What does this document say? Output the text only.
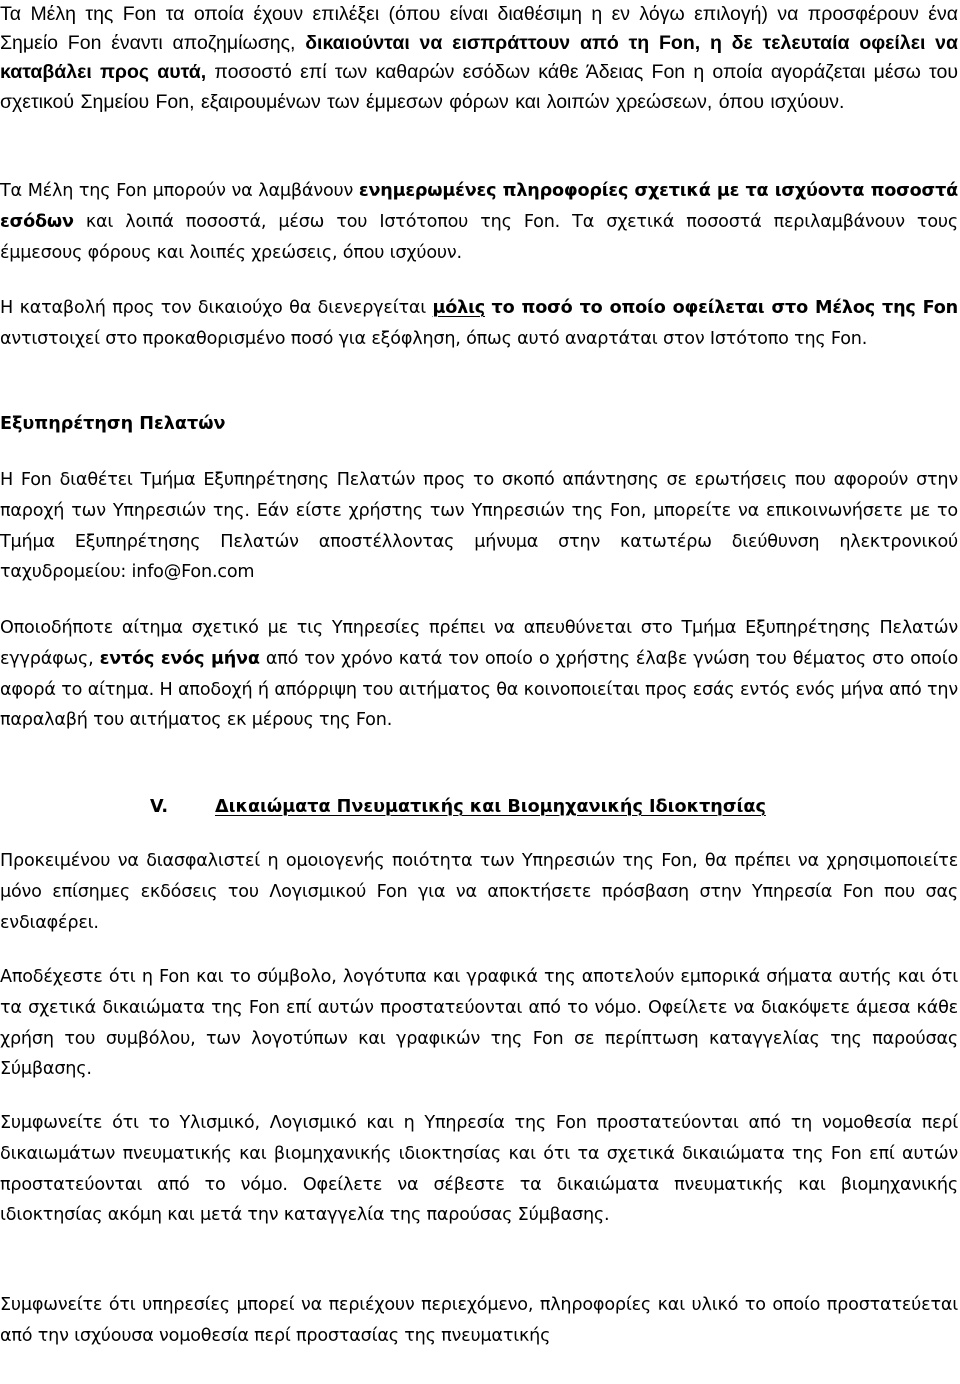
Τα Μέλη της Fon τα οποία έχουν επιλέξει (όπου είναι διαθέσιμη η εν λόγω επιλογή) να προσφέρουν ένα Σημείο Fon έναντι αποζημίωσης, δικαιούνται να εισπράττουν από τη Fon, η δε τελευταία οφείλει να καταβάλει προς αυτά, ποσοστό επί των καθαρών εσόδων κάθε Άδειας Fon η οποία αγοράζεται μέσω του σχετικού Σημείου Fon, εξαιρουμένων των έμμεσων φόρων και λοιπών χρεώσεων, όπου ισχύουν.

Τα Μέλη της Fon μπορούν να λαμβάνουν ενημερωμένες πληροφορίες σχετικά με τα ισχύοντα ποσοστά εσόδων και λοιπά ποσοστά, μέσω του Ιστότοπου της Fon. Τα σχετικά ποσοστά περιλαμβάνουν τους έμμεσους φόρους και λοιπές χρεώσεις, όπου ισχύουν.

Η καταβολή προς τον δικαιούχο θα διενεργείται μόλις το ποσό το οποίο οφείλεται στο Μέλος της Fon αντιστοιχεί στο προκαθορισμένο ποσό για εξόφληση, όπως αυτό αναρτάται στον Ιστότοπο της Fon.

Εξυπηρέτηση Πελατών

Η Fon διαθέτει Τμήμα Εξυπηρέτησης Πελατών προς το σκοπό απάντησης σε ερωτήσεις που αφορούν στην παροχή των Υπηρεσιών της. Εάν είστε χρήστης των Υπηρεσιών της Fon, μπορείτε να επικοινωνήσετε με το Τμήμα Εξυπηρέτησης Πελατών αποστέλλοντας μήνυμα στην κατωτέρω διεύθυνση ηλεκτρονικού ταχυδρομείου: info@Fon.com

Οποιοδήποτε αίτημα σχετικό με τις Υπηρεσίες πρέπει να απευθύνεται στο Τμήμα Εξυπηρέτησης Πελατών εγγράφως, εντός ενός μήνα από τον χρόνο κατά τον οποίο ο χρήστης έλαβε γνώση του θέματος στο οποίο αφορά το αίτημα. Η αποδοχή ή απόρριψη του αιτήματος θα κοινοποιείται προς εσάς εντός ενός μήνα από την παραλαβή του αιτήματος εκ μέρους της Fon.

V.	Δικαιώματα Πνευματικής και Βιομηχανικής Ιδιοκτησίας

Προκειμένου να διασφαλιστεί η ομοιογενής ποιότητα των Υπηρεσιών της Fon, θα πρέπει να χρησιμοποιείτε μόνο επίσημες εκδόσεις του Λογισμικού Fon για να αποκτήσετε πρόσβαση στην Υπηρεσία Fon που σας ενδιαφέρει.

Αποδέχεστε ότι η Fon και το σύμβολο, λογότυπα και γραφικά της αποτελούν εμπορικά σήματα αυτής και ότι τα σχετικά δικαιώματα της Fon επί αυτών προστατεύονται από το νόμο. Οφείλετε να διακόψετε άμεσα κάθε χρήση του συμβόλου, των λογοτύπων και γραφικών της Fon σε περίπτωση καταγγελίας της παρούσας Σύμβασης.

Συμφωνείτε ότι το Υλισμικό, Λογισμικό και η Υπηρεσία της Fon προστατεύονται από τη νομοθεσία περί δικαιωμάτων πνευματικής και βιομηχανικής ιδιοκτησίας και ότι τα σχετικά δικαιώματα της Fon επί αυτών προστατεύονται από το νόμο. Οφείλετε να σέβεστε τα δικαιώματα πνευματικής και βιομηχανικής ιδιοκτησίας ακόμη και μετά την καταγγελία της παρούσας Σύμβασης.

Συμφωνείτε ότι υπηρεσίες μπορεί να περιέχουν περιεχόμενο, πληροφορίες και υλικό το οποίο προστατεύεται από την ισχύουσα νομοθεσία περί προστασίας της πνευματικής
